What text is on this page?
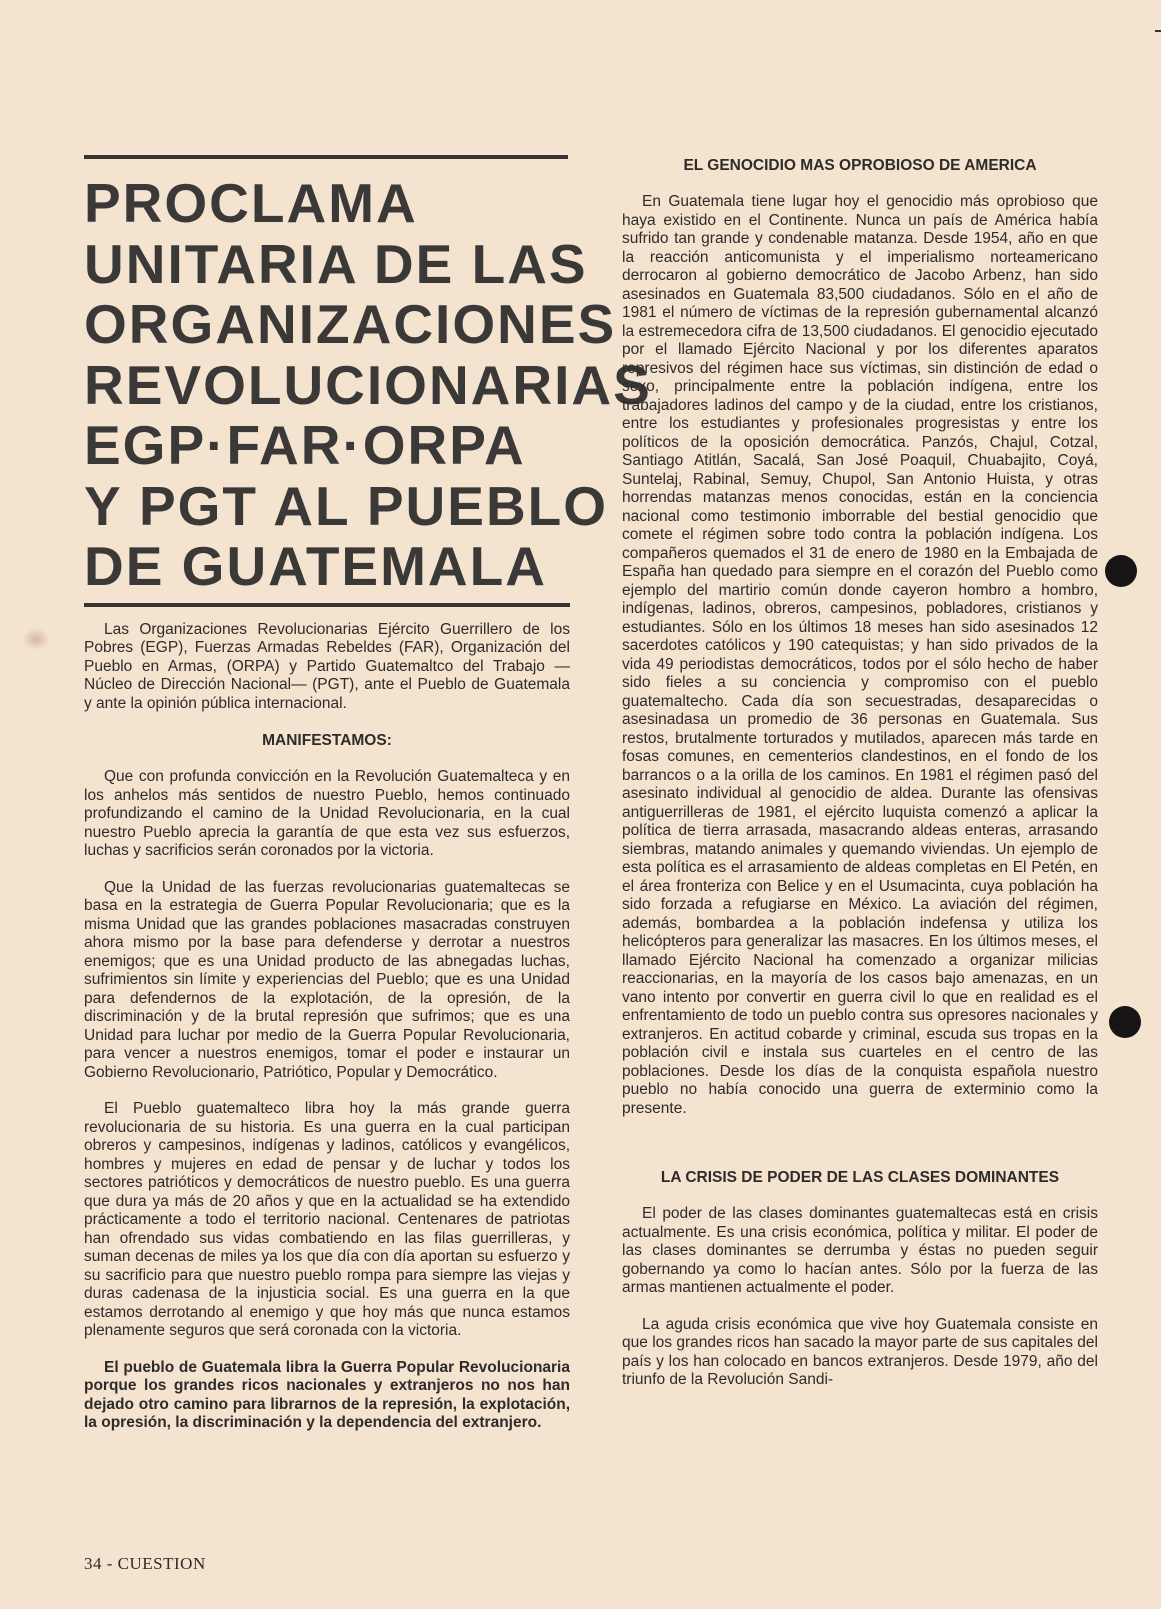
PROCLAMA
UNITARIA DE LAS
ORGANIZACIONES
REVOLUCIONARIAS
EGP·FAR·ORPA
Y PGT AL PUEBLO
DE GUATEMALA

Las Organizaciones Revolucionarias Ejército Guerrillero de los Pobres (EGP), Fuerzas Armadas Rebeldes (FAR), Organización del Pueblo en Armas, (ORPA) y Partido Guatemaltco del Trabajo —Núcleo de Dirección Nacional— (PGT), ante el Pueblo de Guatemala y ante la opinión pública internacional.

MANIFESTAMOS:

Que con profunda convicción en la Revolución Guatemalteca y en los anhelos más sentidos de nuestro Pueblo, hemos continuado profundizando el camino de la Unidad Revolucionaria, en la cual nuestro Pueblo aprecia la garantía de que esta vez sus esfuerzos, luchas y sacrificios serán coronados por la victoria.

Que la Unidad de las fuerzas revolucionarias guatemaltecas se basa en la estrategia de Guerra Popular Revolucionaria; que es la misma Unidad que las grandes poblaciones masacradas construyen ahora mismo por la base para defenderse y derrotar a nuestros enemigos; que es una Unidad producto de las abnegadas luchas, sufrimientos sin límite y experiencias del Pueblo; que es una Unidad para defendernos de la explotación, de la opresión, de la discriminación y de la brutal represión que sufrimos; que es una Unidad para luchar por medio de la Guerra Popular Revolucionaria, para vencer a nuestros enemigos, tomar el poder e instaurar un Gobierno Revolucionario, Patriótico, Popular y Democrático.

El Pueblo guatemalteco libra hoy la más grande guerra revolucionaria de su historia. Es una guerra en la cual participan obreros y campesinos, indígenas y ladinos, católicos y evangélicos, hombres y mujeres en edad de pensar y de luchar y todos los sectores patrióticos y democráticos de nuestro pueblo. Es una guerra que dura ya más de 20 años y que en la actualidad se ha extendido prácticamente a todo el territorio nacional. Centenares de patriotas han ofrendado sus vidas combatiendo en las filas guerrilleras, y suman decenas de miles ya los que día con día aportan su esfuerzo y su sacrificio para que nuestro pueblo rompa para siempre las viejas y duras cadenasa de la injusticia social. Es una guerra en la que estamos derrotando al enemigo y que hoy más que nunca estamos plenamente seguros que será coronada con la victoria.

El pueblo de Guatemala libra la Guerra Popular Revolucionaria porque los grandes ricos nacionales y extranjeros no nos han dejado otro camino para librarnos de la represión, la explotación, la opresión, la discriminación y la dependencia del extranjero.

EL GENOCIDIO MAS OPROBIOSO DE AMERICA

En Guatemala tiene lugar hoy el genocidio más oprobioso que haya existido en el Continente. Nunca un país de América había sufrido tan grande y condenable matanza. Desde 1954, año en que la reacción anticomunista y el imperialismo norteamericano derrocaron al gobierno democrático de Jacobo Arbenz, han sido asesinados en Guatemala 83,500 ciudadanos. Sólo en el año de 1981 el número de víctimas de la represión gubernamental alcanzó la estremecedora cifra de 13,500 ciudadanos. El genocidio ejecutado por el llamado Ejército Nacional y por los diferentes aparatos represivos del régimen hace sus víctimas, sin distinción de edad o sexo, principalmente entre la población indígena, entre los trabajadores ladinos del campo y de la ciudad, entre los cristianos, entre los estudiantes y profesionales progresistas y entre los políticos de la oposición democrática. Panzós, Chajul, Cotzal, Santiago Atitlán, Sacalá, San José Poaquil, Chuabajito, Coyá, Suntelaj, Rabinal, Semuy, Chupol, San Antonio Huista, y otras horrendas matanzas menos conocidas, están en la conciencia nacional como testimonio imborrable del bestial genocidio que comete el régimen sobre todo contra la población indígena. Los compañeros quemados el 31 de enero de 1980 en la Embajada de España han quedado para siempre en el corazón del Pueblo como ejemplo del martirio común donde cayeron hombro a hombro, indígenas, ladinos, obreros, campesinos, pobladores, cristianos y estudiantes. Sólo en los últimos 18 meses han sido asesinados 12 sacerdotes católicos y 190 catequistas; y han sido privados de la vida 49 periodistas democráticos, todos por el sólo hecho de haber sido fieles a su conciencia y compromiso con el pueblo guatemaltecho. Cada día son secuestradas, desaparecidas o asesinadasa un promedio de 36 personas en Guatemala. Sus restos, brutalmente torturados y mutilados, aparecen más tarde en fosas comunes, en cementerios clandestinos, en el fondo de los barrancos o a la orilla de los caminos. En 1981 el régimen pasó del asesinato individual al genocidio de aldea. Durante las ofensivas antiguerrilleras de 1981, el ejército luquista comenzó a aplicar la política de tierra arrasada, masacrando aldeas enteras, arrasando siembras, matando animales y quemando viviendas. Un ejemplo de esta política es el arrasamiento de aldeas completas en El Petén, en el área fronteriza con Belice y en el Usumacinta, cuya población ha sido forzada a refugiarse en México. La aviación del régimen, además, bombardea a la población indefensa y utiliza los helicópteros para generalizar las masacres. En los últimos meses, el llamado Ejército Nacional ha comenzado a organizar milicias reaccionarias, en la mayoría de los casos bajo amenazas, en un vano intento por convertir en guerra civil lo que en realidad es el enfrentamiento de todo un pueblo contra sus opresores nacionales y extranjeros. En actitud cobarde y criminal, escuda sus tropas en la población civil e instala sus cuarteles en el centro de las poblaciones. Desde los días de la conquista española nuestro pueblo no había conocido una guerra de exterminio como la presente.

LA CRISIS DE PODER DE LAS CLASES DOMINANTES

El poder de las clases dominantes guatemaltecas está en crisis actualmente. Es una crisis económica, política y militar. El poder de las clases dominantes se derrumba y éstas no pueden seguir gobernando ya como lo hacían antes. Sólo por la fuerza de las armas mantienen actualmente el poder.

La aguda crisis económica que vive hoy Guatemala consiste en que los grandes ricos han sacado la mayor parte de sus capitales del país y los han colocado en bancos extranjeros. Desde 1979, año del triunfo de la Revolución Sandi-

34 - CUESTION
